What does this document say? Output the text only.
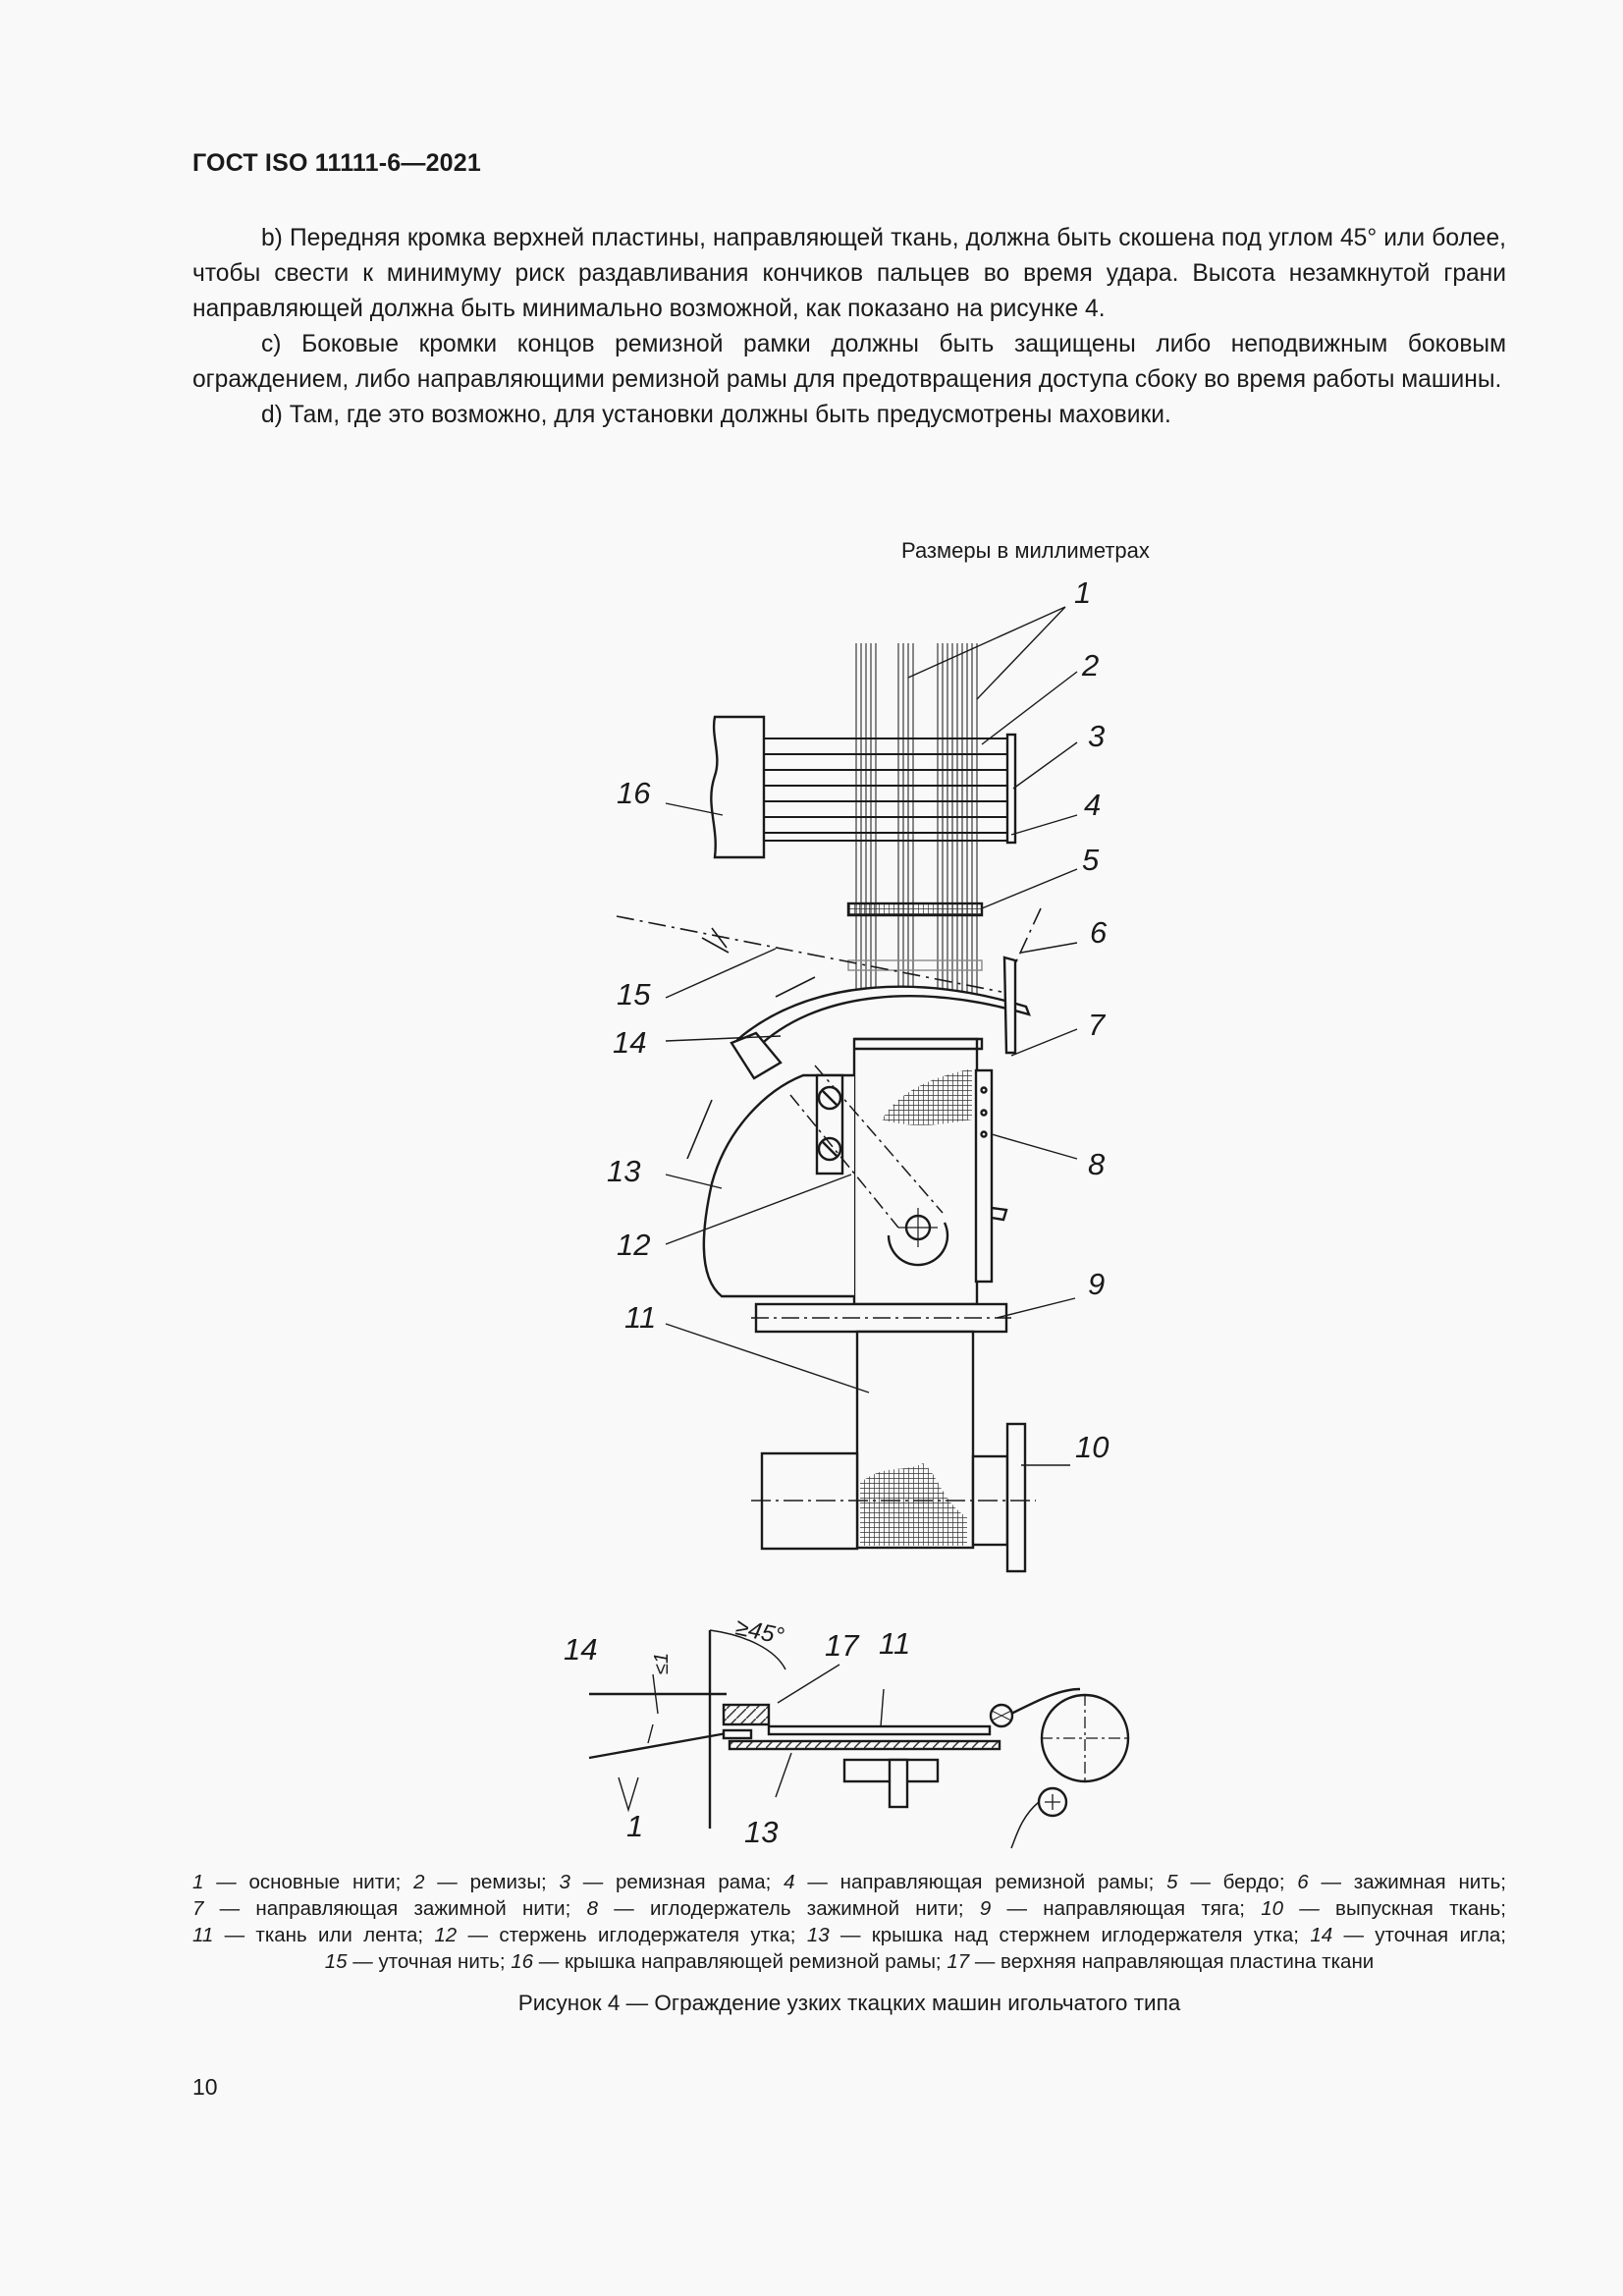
ГОСТ ISO 11111-6—2021

b) Передняя кромка верхней пластины, направляющей ткань, должна быть скошена под углом 45° или более, чтобы свести к минимуму риск раздавливания кончиков пальцев во время удара. Высота незамкнутой грани направляющей должна быть минимально возможной, как показано на рисунке 4.

c) Боковые кромки концов ремизной рамки должны быть защищены либо неподвижным боковым ограждением, либо направляющими ремизной рамы для предотвращения доступа сбоку во время работы машины.

d) Там, где это возможно, для установки должны быть предусмотрены маховики.

Размеры в миллиметрах
1
2
3
4
5
6
7
8
9
10
11
12
13
14
15
16
14	17 11
1	13
≥45°
≤1
1 — основные нити; 2 — ремизы; 3 — ремизная рама; 4 — направляющая ремизной рамы; 5 — бердо; 6 — зажимная нить;
7 — направляющая зажимной нити; 8 — иглодержатель зажимной нити; 9 — направляющая тяга; 10 — выпускная ткань;
11 — ткань или лента; 12 — стержень иглодержателя утка; 13 — крышка над стержнем иглодержателя утка; 14 — уточная игла;
15 — уточная нить; 16 — крышка направляющей ремизной рамы; 17 — верхняя направляющая пластина ткани
Рисунок 4 — Ограждение узких ткацких машин игольчатого типа
10
